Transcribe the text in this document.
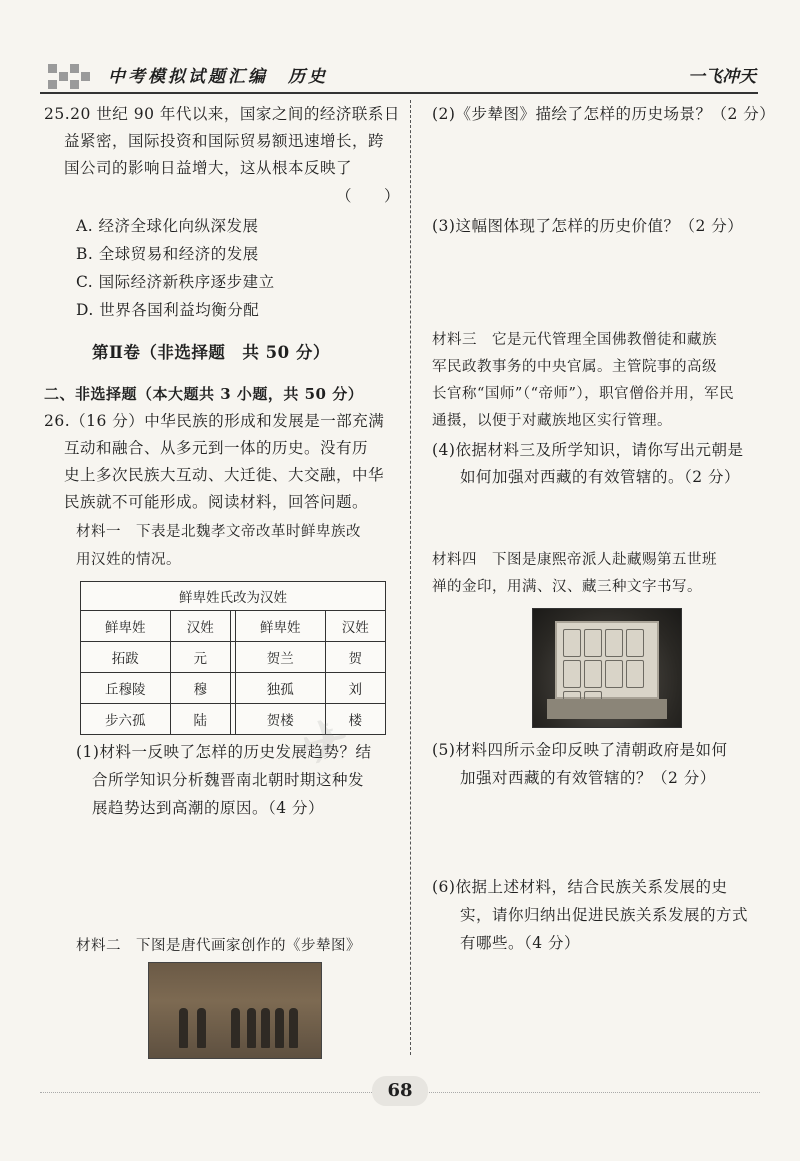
中考模拟试题汇编　历史	一飞冲天
25.20 世纪 90 年代以来，国家之间的经济联系日
益紧密，国际投资和国际贸易额迅速增长，跨
国公司的影响日益增大，这从根本反映了
（　　）
A. 经济全球化向纵深发展
B. 全球贸易和经济的发展
C. 国际经济新秩序逐步建立
D. 世界各国利益均衡分配
第Ⅱ卷（非选择题　共 50 分）
二、非选择题（本大题共 3 小题，共 50 分）
26.（16 分）中华民族的形成和发展是一部充满
互动和融合、从多元到一体的历史。没有历
史上多次民族大互动、大迁徙、大交融，中华
民族就不可能形成。阅读材料，回答问题。
材料一　下表是北魏孝文帝改革时鲜卑族改
用汉姓的情况。
鲜卑姓氏改为汉姓				
鲜卑姓	汉姓		鲜卑姓	汉姓
拓跋	元		贺兰	贺
丘穆陵	穆		独孤	刘
步六孤	陆		贺楼	楼
(1)材料一反映了怎样的历史发展趋势？结
合所学知识分析魏晋南北朝时期这种发
展趋势达到高潮的原因。（4 分）
材料二　下图是唐代画家创作的《步辇图》
✈
(2)《步辇图》描绘了怎样的历史场景？（2 分）
(3)这幅图体现了怎样的历史价值？（2 分）
材料三　它是元代管理全国佛教僧徒和藏族
军民政教事务的中央官属。主管院事的高级
长官称“国师”（“帝师”），职官僧俗并用，军民
通摄，以便于对藏族地区实行管理。
(4)依据材料三及所学知识，请你写出元朝是
如何加强对西藏的有效管辖的。（2 分）
材料四　下图是康熙帝派人赴藏赐第五世班
禅的金印，用满、汉、藏三种文字书写。
(5)材料四所示金印反映了清朝政府是如何
加强对西藏的有效管辖的？（2 分）
(6)依据上述材料，结合民族关系发展的史
实，请你归纳出促进民族关系发展的方式
有哪些。（4 分）
68
